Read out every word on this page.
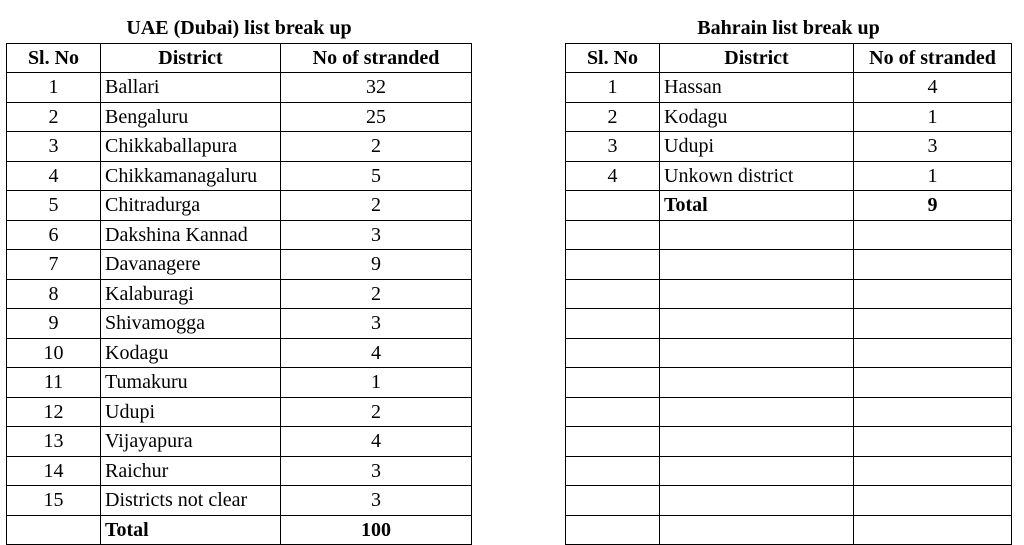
UAE (Dubai) list break up		
Sl. No	District	No of stranded
1	Ballari	32
2	Bengaluru	25
3	Chikkaballapura	2
4	Chikkamanagaluru	5
5	Chitradurga	2
6	Dakshina Kannad	3
7	Davanagere	9
8	Kalaburagi	2
9	Shivamogga	3
10	Kodagu	4
11	Tumakuru	1
12	Udupi	2
13	Vijayapura	4
14	Raichur	3
15	Districts not clear	3
	Total	100
Bahrain list break up		
Sl. No	District	No of stranded
1	Hassan	4
2	Kodagu	1
3	Udupi	3
4	Unkown district	1
	Total	9
